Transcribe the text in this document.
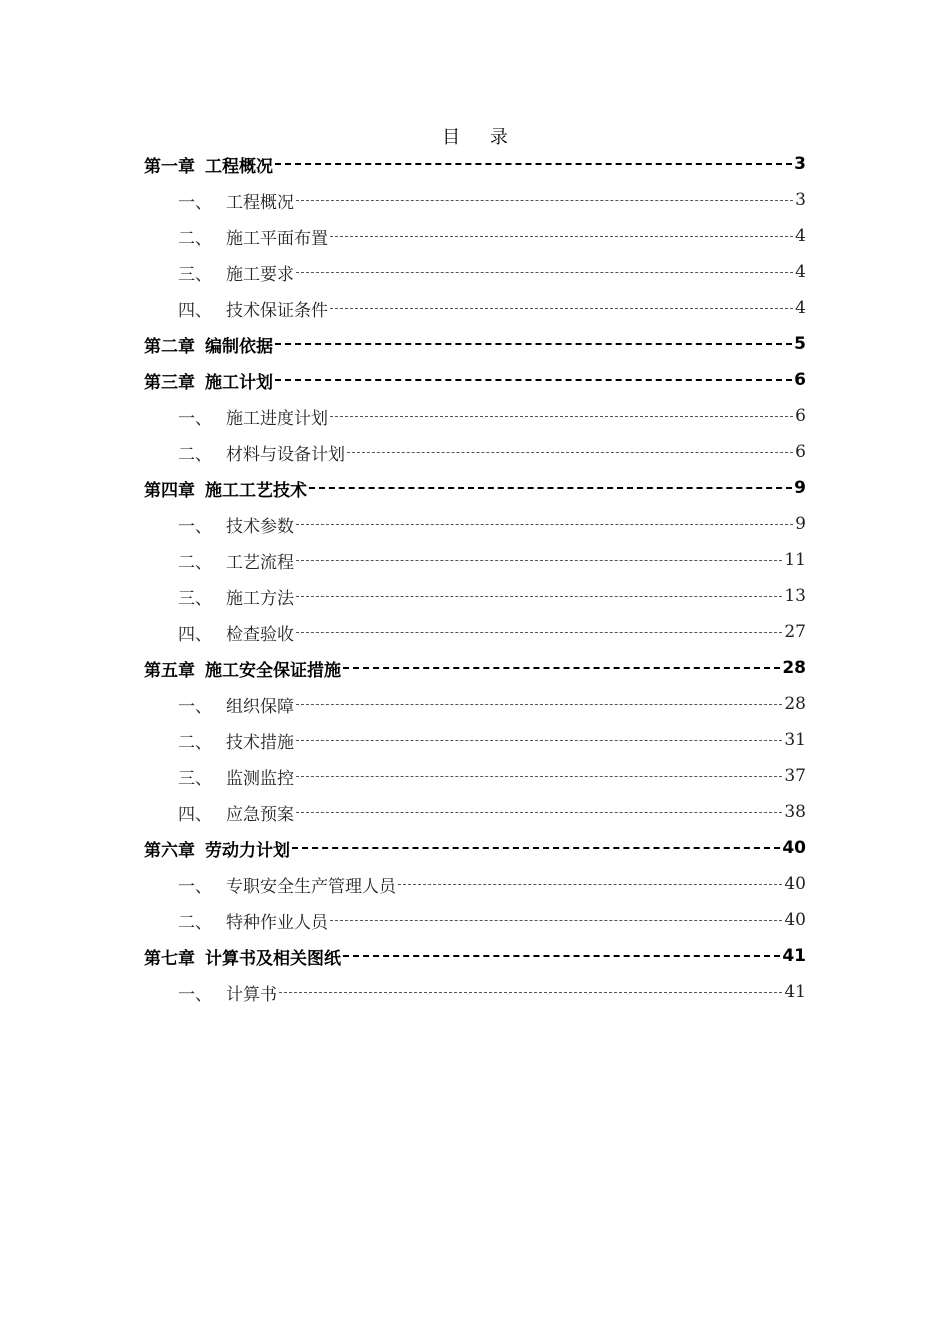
目 录
第一章 工程概况	3
一、 工程概况	3
二、 施工平面布置	4
三、 施工要求	4
四、 技术保证条件	4
第二章 编制依据	5
第三章 施工计划	6
一、 施工进度计划	6
二、 材料与设备计划	6
第四章 施工工艺技术	9
一、 技术参数	9
二、 工艺流程	11
三、 施工方法	13
四、 检查验收	27
第五章 施工安全保证措施	28
一、 组织保障	28
二、 技术措施	31
三、 监测监控	37
四、 应急预案	38
第六章 劳动力计划	40
一、 专职安全生产管理人员	40
二、 特种作业人员	40
第七章 计算书及相关图纸	41
一、 计算书	41
